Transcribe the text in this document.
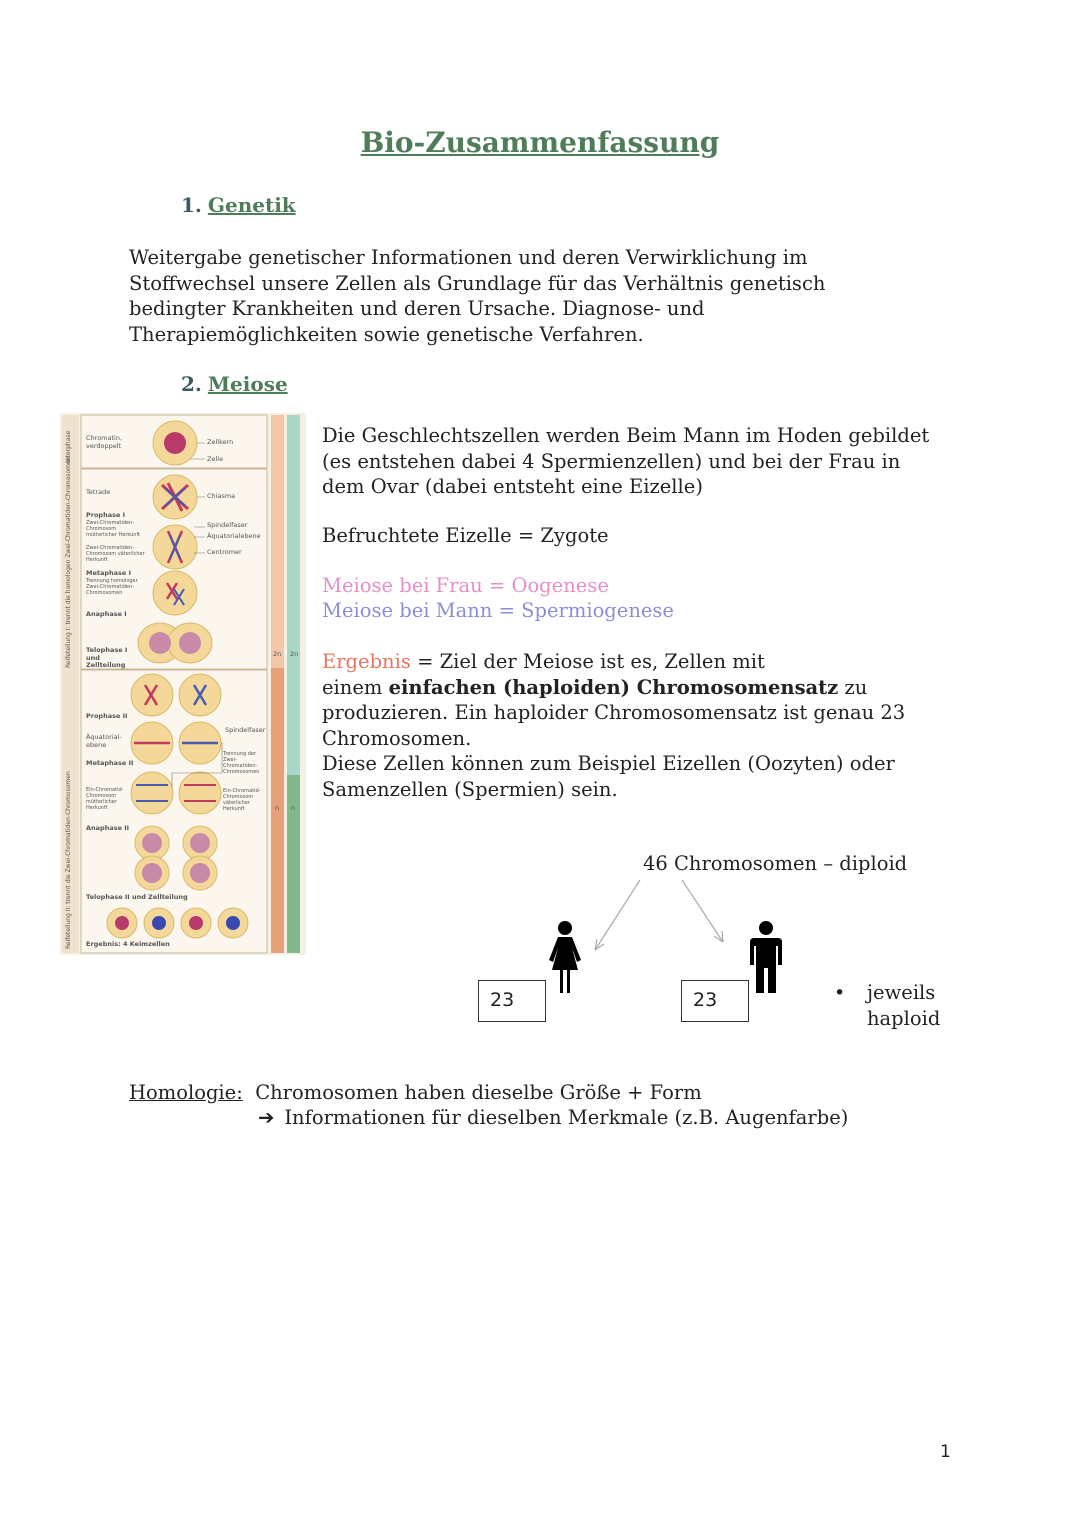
Bio-Zusammenfassung
1. Genetik

Weitergabe genetischer Informationen und deren Verwirklichung im

Stoffwechsel unsere Zellen als Grundlage für das Verhältnis genetisch

bedingter Krankheiten und deren Ursache. Diagnose- und

Therapiemöglichkeiten sowie genetische Verfahren.

2. Meiose
Interphase
Reifeteilung I: trennt die homologen Zwei-Chromatiden-Chromosomen
Reifeteilung II: trennt die Zwei-Chromatiden-Chromosomen
Chromatin, verdoppelt
Tetrade
Prophase I
Zwei-Chromatiden-Chromosom mütterlicher Herkunft
Zwei-Chromatiden-Chromosom väterlicher Herkunft
Metaphase I
Trennung homologer Zwei-Chromatiden-Chromosomen
Anaphase I
Telophase I und Zellteilung
Prophase II
Äquatorial-ebene
Metaphase II
Ein-Chromatid-Chromosom mütterlicher Herkunft
Anaphase II
Telophase II und Zellteilung
Ergebnis: 4 Keimzellen
Zellkern
Zelle
Chiasma
Spindelfaser
Äquatorialebene
Centromer
Spindelfaser
Trennung der Zwei-Chromatiden-Chromosomen
Ein-Chromatid-Chromosom väterlicher Herkunft
2n 2n
n n

Die Geschlechtszellen werden Beim Mann im Hoden gebildet

(es entstehen dabei 4 Spermienzellen) und bei der Frau in

dem Ovar (dabei entsteht eine Eizelle)

Befruchtete Eizelle = Zygote
Meiose bei Frau = Oogenese
Meiose bei Mann = Spermiogenese

Ergebnis = Ziel der Meiose ist es, Zellen mit

einem einfachen (haploiden) Chromosomensatz zu

produzieren. Ein haploider Chromosomensatz ist genau 23

Chromosomen.

Diese Zellen können zum Beispiel Eizellen (Oozyten) oder

Samenzellen (Spermien) sein.

46 Chromosomen – diploid
23	23	• jeweils

haploid

Homologie: Chromosomen haben dieselbe Größe + Form
➔ Informationen für dieselben Merkmale (z.B. Augenfarbe)
1
